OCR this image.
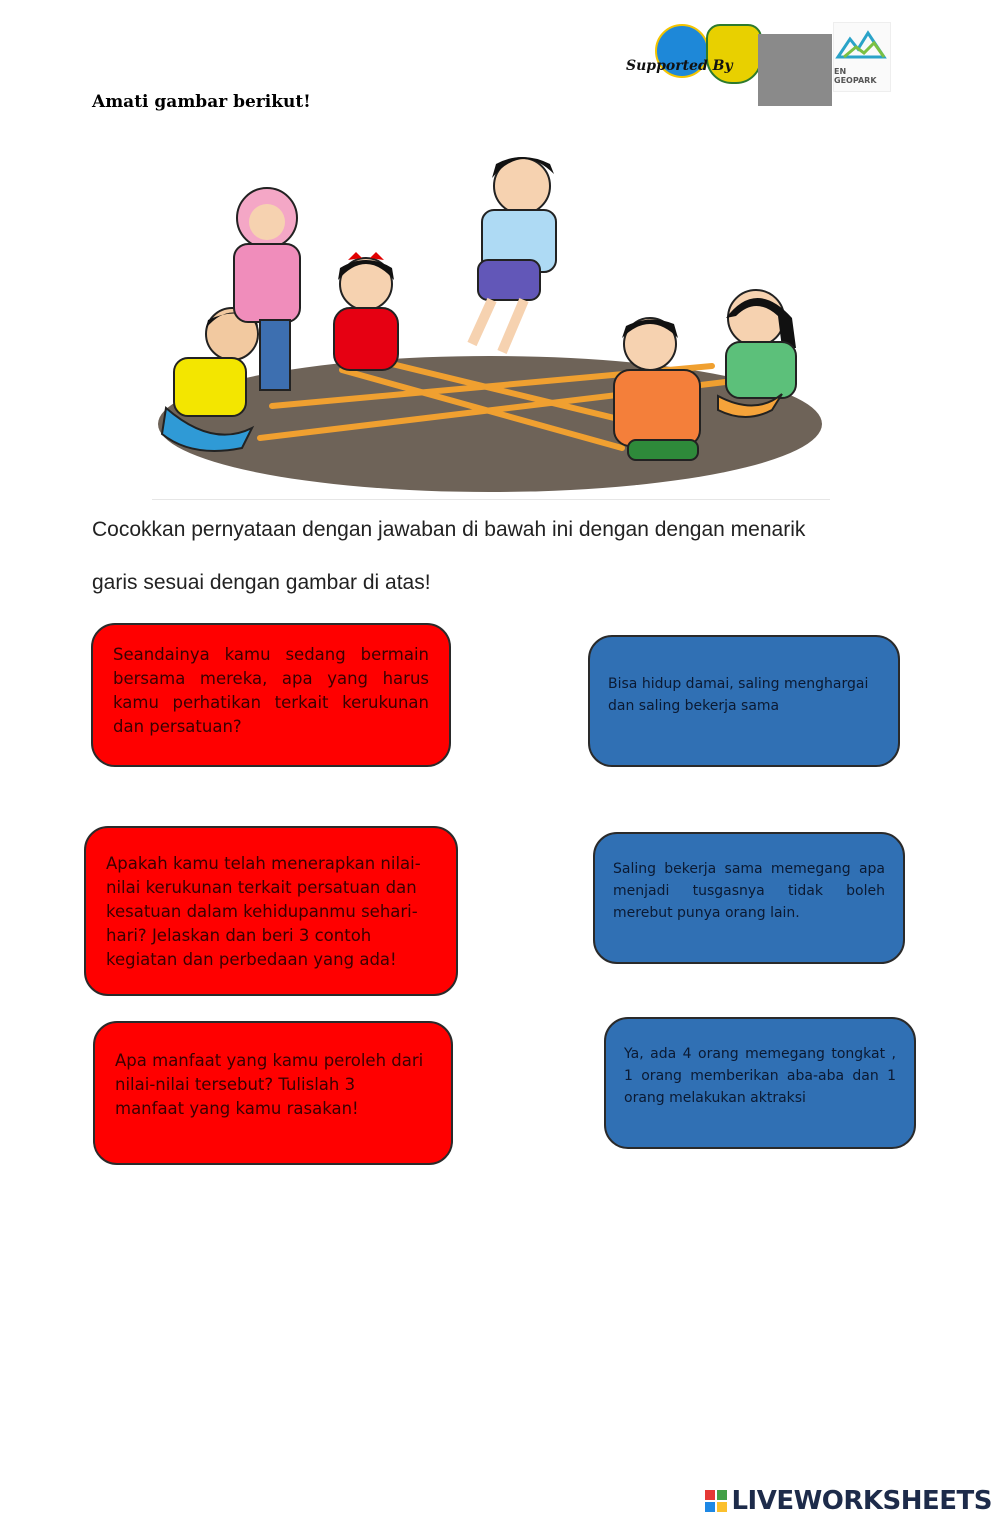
EN GEOPARK
Supported By
Amati gambar berikut!
Cocokkan pernyataan dengan jawaban di bawah ini dengan dengan menarik
garis sesuai dengan gambar di atas!

Seandainya kamu sedang bermain bersama mereka, apa yang harus kamu perhatikan terkait kerukunan dan persatuan?

Apakah kamu telah menerapkan nilai-nilai kerukunan terkait persatuan dan kesatuan dalam kehidupanmu sehari-hari? Jelaskan dan beri 3 contoh kegiatan dan perbedaan yang ada!

Apa manfaat yang kamu peroleh dari nilai-nilai tersebut? Tulislah 3 manfaat yang kamu rasakan!

Bisa hidup damai, saling menghargai dan saling bekerja sama

Saling bekerja sama memegang apa menjadi tusgasnya tidak boleh merebut punya orang lain.

Ya, ada 4 orang memegang tongkat , 1 orang memberikan aba-aba dan 1 orang melakukan aktraksi

LIVEWORKSHEETS
